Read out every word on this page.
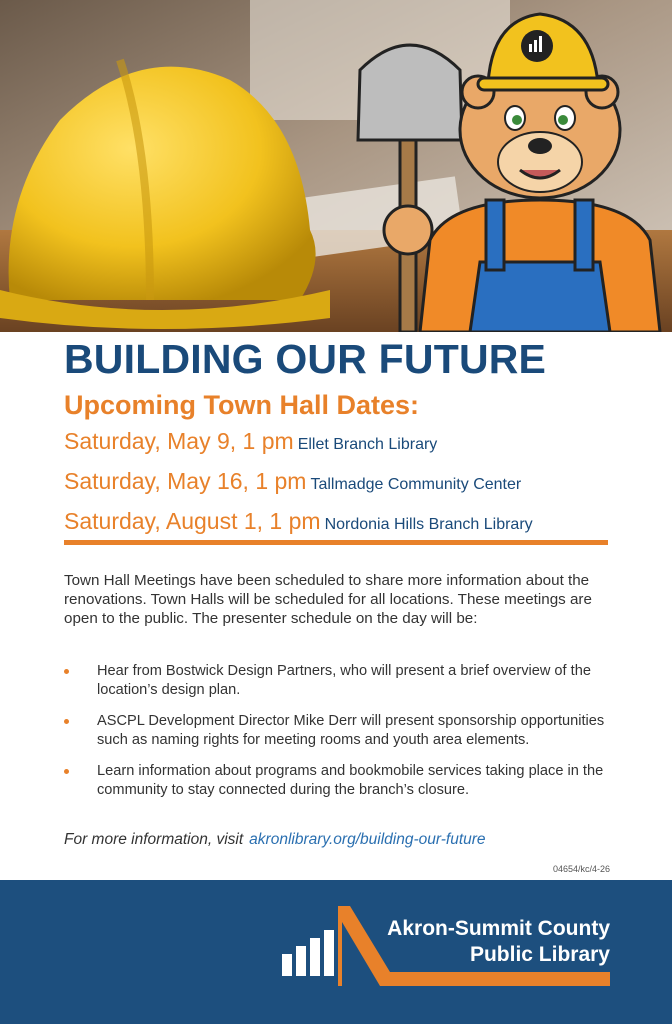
BUILDING OUR FUTURE
Upcoming Town Hall Dates:
Saturday, May 9, 1 pm Ellet Branch Library
Saturday, May 16, 1 pm Tallmadge Community Center
Saturday, August 1, 1 pm Nordonia Hills Branch Library

Town Hall Meetings have been scheduled to share more information about the renovations. Town Halls will be scheduled for all locations. These meetings are open to the public. The presenter schedule on the day will be:

Hear from Bostwick Design Partners, who will present a brief overview of the location’s design plan.
ASCPL Development Director Mike Derr will present sponsorship opportunities such as naming rights for meeting rooms and youth area elements.
Learn information about programs and bookmobile services taking place in the community to stay connected during the branch’s closure.
For more information, visit akronlibrary.org/building-our-future
04654/kc/4-26
Akron-Summit County
Public Library
